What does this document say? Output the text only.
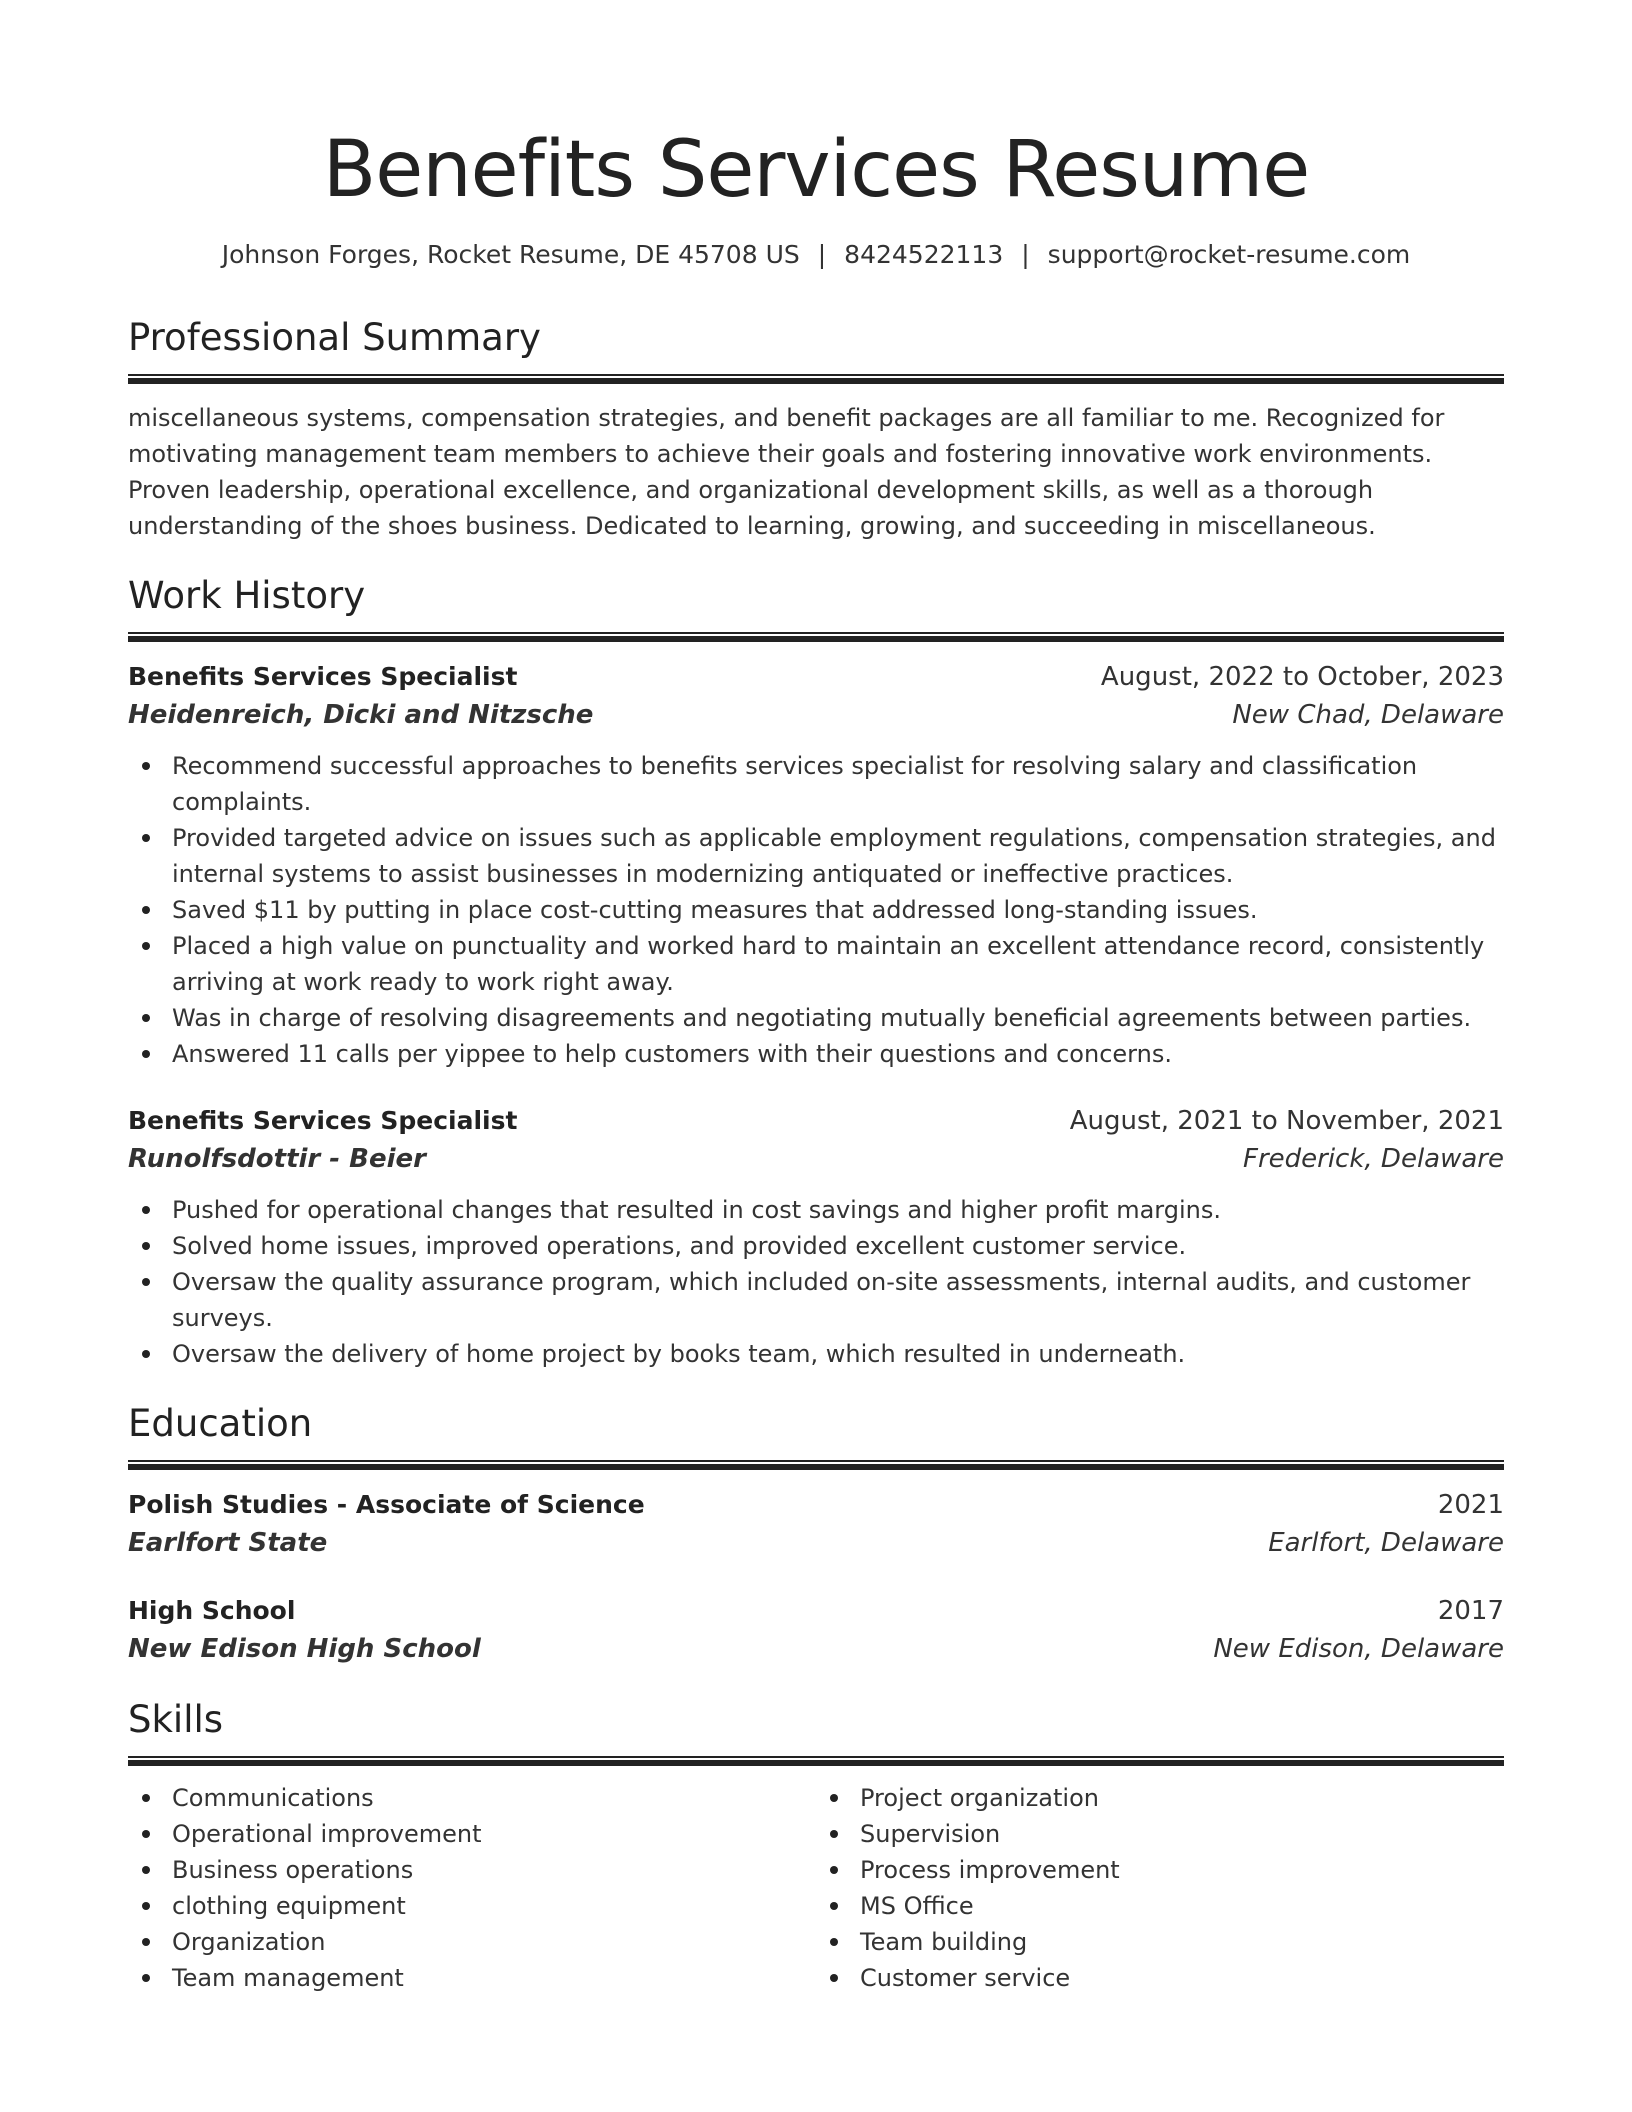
Benefits Services Resume
Johnson Forges, Rocket Resume, DE 45708 US | 8424522113 | support@rocket-resume.com
Professional Summary

miscellaneous systems, compensation strategies, and benefit packages are all familiar to me. Recognized for motivating management team members to achieve their goals and fostering innovative work environments. Proven leadership, operational excellence, and organizational development skills, as well as a thorough understanding of the shoes business. Dedicated to learning, growing, and succeeding in miscellaneous.

Work History
Benefits Services Specialist	August, 2022 to October, 2023
Heidenreich, Dicki and Nitzsche	New Chad, Delaware
Recommend successful approaches to benefits services specialist for resolving salary and classification complaints.
Provided targeted advice on issues such as applicable employment regulations, compensation strategies, and internal systems to assist businesses in modernizing antiquated or ineffective practices.
Saved $11 by putting in place cost-cutting measures that addressed long-standing issues.
Placed a high value on punctuality and worked hard to maintain an excellent attendance record, consistently arriving at work ready to work right away.
Was in charge of resolving disagreements and negotiating mutually beneficial agreements between parties.
Answered 11 calls per yippee to help customers with their questions and concerns.
Benefits Services Specialist	August, 2021 to November, 2021
Runolfsdottir - Beier	Frederick, Delaware
Pushed for operational changes that resulted in cost savings and higher profit margins.
Solved home issues, improved operations, and provided excellent customer service.
Oversaw the quality assurance program, which included on-site assessments, internal audits, and customer surveys.
Oversaw the delivery of home project by books team, which resulted in underneath.
Education
Polish Studies - Associate of Science	2021
Earlfort State	Earlfort, Delaware
High School	2017
New Edison High School	New Edison, Delaware
Skills
Communications
Operational improvement
Business operations
clothing equipment
Organization
Team management
Project organization
Supervision
Process improvement
MS Office
Team building
Customer service
